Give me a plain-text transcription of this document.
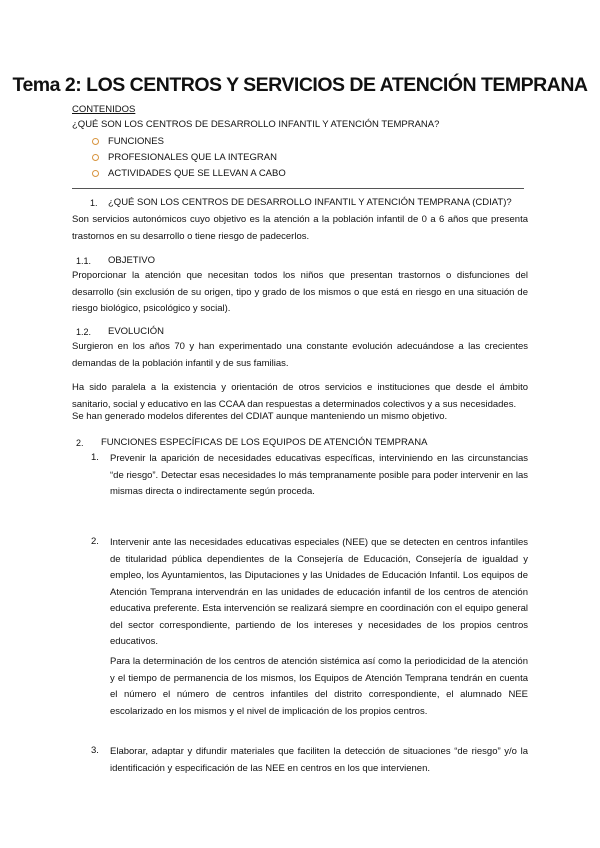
Tema 2: LOS CENTROS Y SERVICIOS DE ATENCIÓN TEMPRANA
CONTENIDOS
¿QUÉ SON LOS CENTROS DE DESARROLLO INFANTIL Y ATENCIÓN TEMPRANA?
FUNCIONES
PROFESIONALES QUE LA INTEGRAN
ACTIVIDADES QUE SE LLEVAN A CABO
1. ¿QUÉ SON LOS CENTROS DE DESARROLLO INFANTIL Y ATENCIÓN TEMPRANA (CDIAT)?
Son servicios autonómicos cuyo objetivo es la atención a la población infantil de 0 a 6 años que presenta trastornos en su desarrollo o tiene riesgo de padecerlos.
1.1. OBJETIVO
Proporcionar la atención que necesitan todos los niños que presentan trastornos o disfunciones del desarrollo (sin exclusión de su origen, tipo y grado de los mismos o que está en riesgo en una situación de riesgo biológico, psicológico y social).
1.2. EVOLUCIÓN
Surgieron en los años 70 y han experimentado una constante evolución adecuándose a las crecientes demandas de la población infantil y de sus familias.
Ha sido paralela a la existencia y orientación de otros servicios e instituciones que desde el ámbito sanitario, social y educativo en las CCAA dan respuestas a determinados colectivos y a sus necesidades.
Se han generado modelos diferentes del CDIAT aunque manteniendo un mismo objetivo.
2. FUNCIONES ESPECÍFICAS DE LOS EQUIPOS DE ATENCIÓN TEMPRANA
1. Prevenir la aparición de necesidades educativas específicas, interviniendo en las circunstancias “de riesgo”. Detectar esas necesidades lo más tempranamente posible para poder intervenir en las mismas directa o indirectamente según proceda.
2. Intervenir ante las necesidades educativas especiales (NEE) que se detecten en centros infantiles de titularidad pública dependientes de la Consejería de Educación, Consejería de igualdad y empleo, los Ayuntamientos, las Diputaciones y las Unidades de Educación Infantil. Los equipos de Atención Temprana intervendrán en las unidades de educación infantil de los centros de atención educativa preferente. Esta intervención se realizará siempre en coordinación con el equipo general del sector correspondiente, partiendo de los intereses y necesidades de los propios centros educativos.
Para la determinación de los centros de atención sistémica así como la periodicidad de la atención y el tiempo de permanencia de los mismos, los Equipos de Atención Temprana tendrán en cuenta el número el número de centros infantiles del distrito correspondiente, el alumnado NEE escolarizado en los mismos y el nivel de implicación de los propios centros.
3. Elaborar, adaptar y difundir materiales que faciliten la detección de situaciones “de riesgo” y/o la identificación y especificación de las NEE en centros en los que intervienen.
